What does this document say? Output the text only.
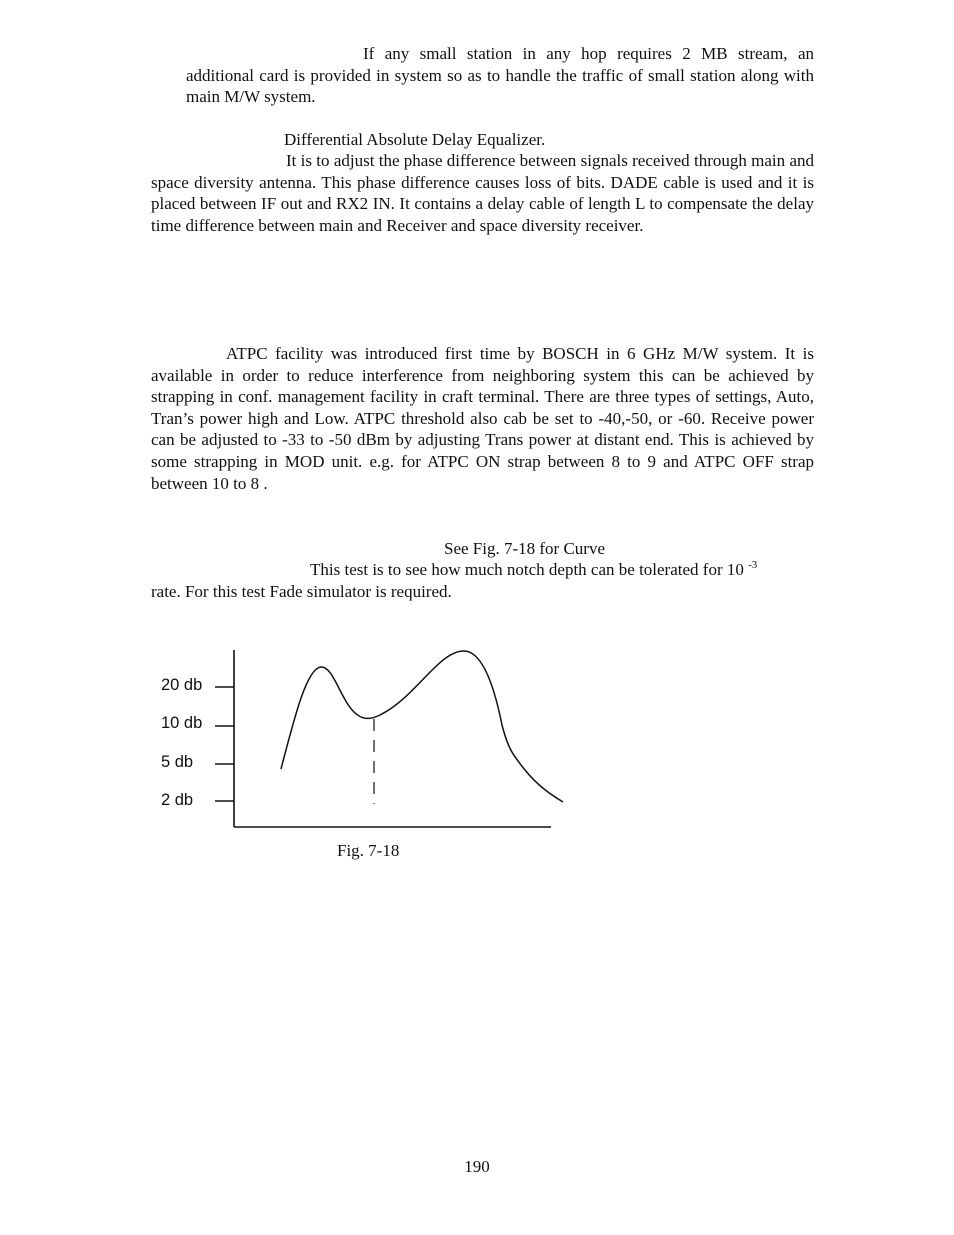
If any small station in any hop requires 2 MB stream, an additional card is provided in system so as to handle the traffic of small station along with main M/W system.

Differential Absolute Delay Equalizer.

It is to adjust the phase difference between signals received through main and space diversity antenna. This phase difference causes loss of bits. DADE cable is used and it is placed between IF out and RX2 IN. It contains a delay cable of length L to compensate the delay time difference between main and Receiver and space diversity receiver.

ATPC facility was introduced first time by BOSCH in 6 GHz M/W system. It is available in order to reduce interference from neighboring system this can be achieved by strapping in conf. management facility in craft terminal. There are three types of settings, Auto, Tran’s power high and Low. ATPC threshold also cab be set to -40,-50, or -60. Receive power can be adjusted to -33 to -50 dBm by adjusting Trans power at distant end. This is achieved by some strapping in MOD unit. e.g. for ATPC ON strap between 8 to 9 and ATPC OFF strap between 10 to 8 .

See Fig. 7-18 for Curve
This test is to see how much notch depth can be tolerated for 10 $^{-3}$
rate. For this test Fade simulator is required.
20 db
10 db
5 db
2 db
Fig. 7-18
190
